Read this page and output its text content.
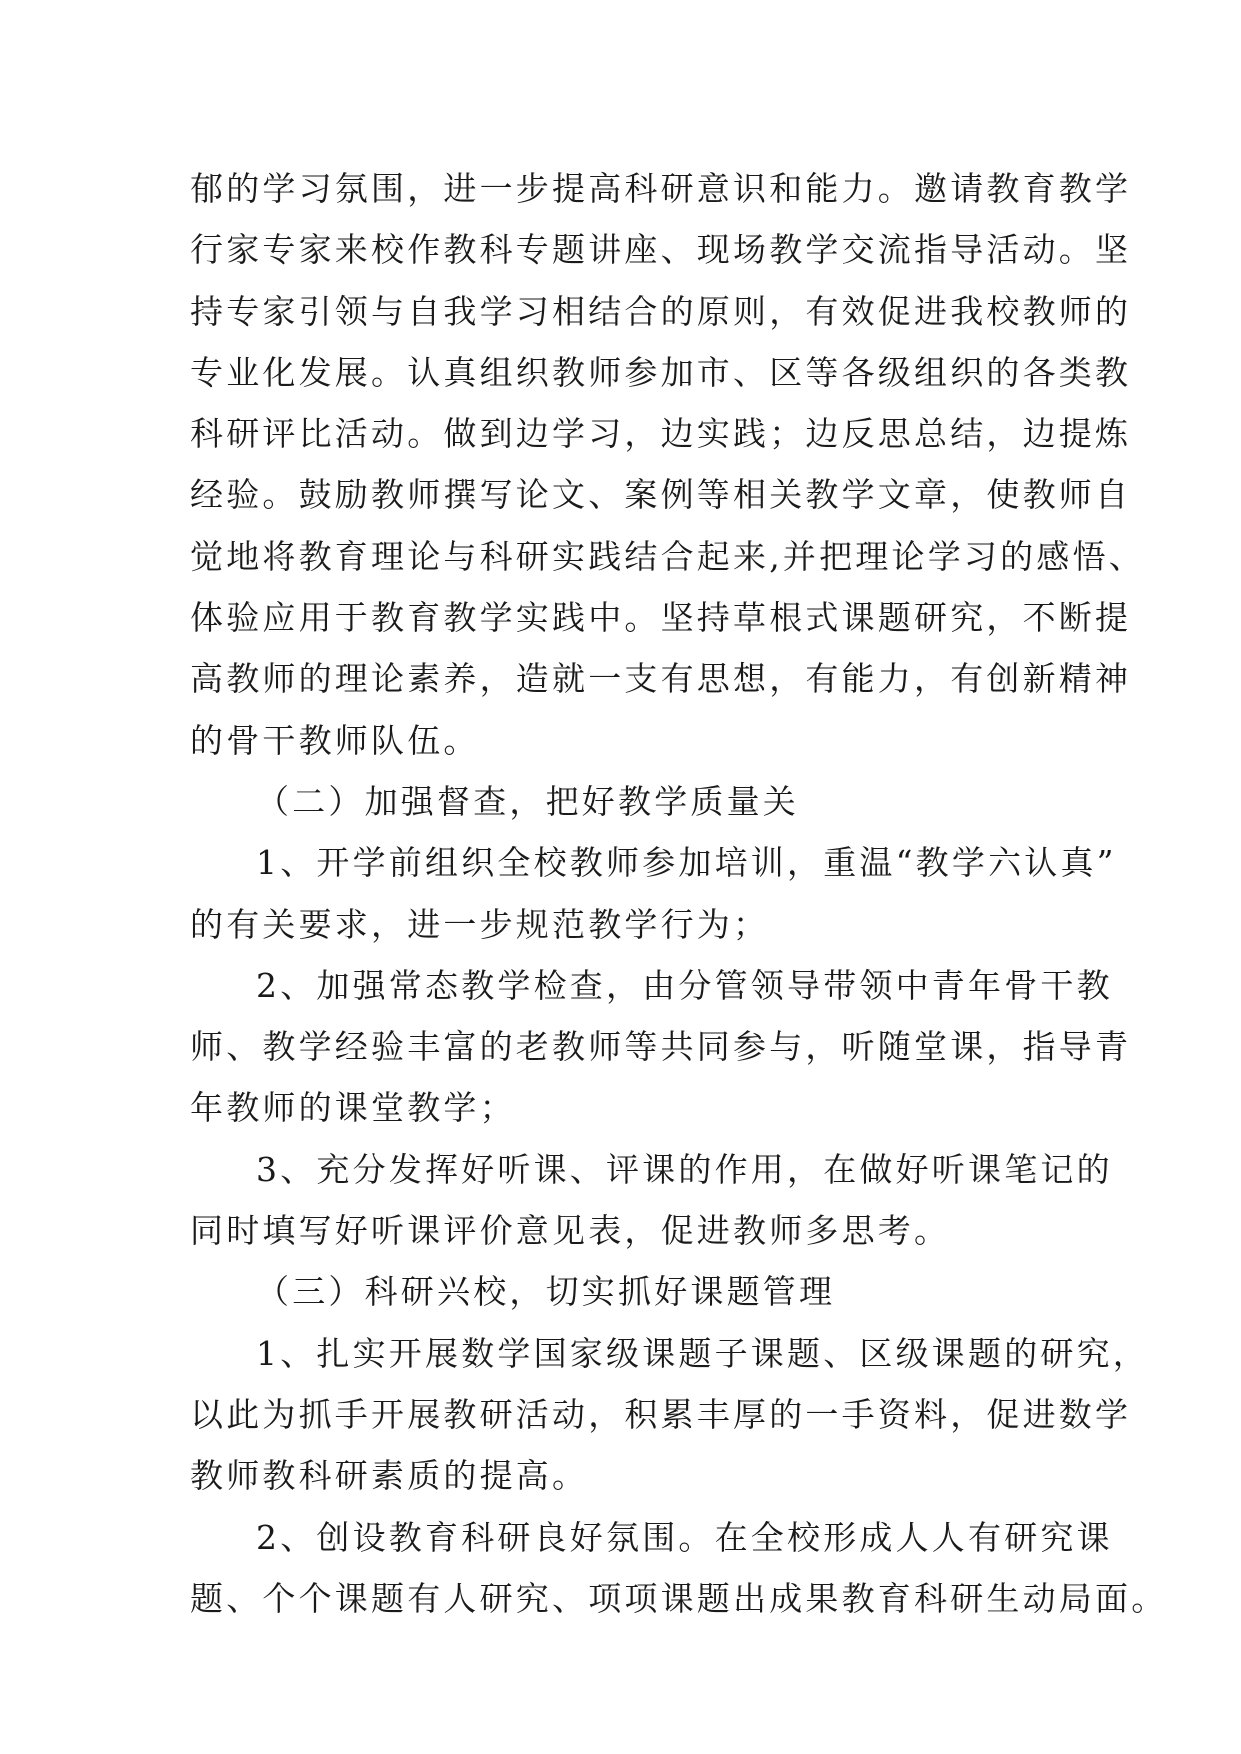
郁的学习氛围，进一步提高科研意识和能力。邀请教育教学
行家专家来校作教科专题讲座、现场教学交流指导活动。坚
持专家引领与自我学习相结合的原则，有效促进我校教师的
专业化发展。认真组织教师参加市、区等各级组织的各类教
科研评比活动。做到边学习，边实践；边反思总结，边提炼
经验。鼓励教师撰写论文、案例等相关教学文章，使教师自
觉地将教育理论与科研实践结合起来,并把理论学习的感悟、
体验应用于教育教学实践中。坚持草根式课题研究，不断提
高教师的理论素养，造就一支有思想，有能力，有创新精神
的骨干教师队伍。
（二）加强督查，把好教学质量关
1、开学前组织全校教师参加培训，重温“教学六认真”
的有关要求，进一步规范教学行为；
2、加强常态教学检查，由分管领导带领中青年骨干教
师、教学经验丰富的老教师等共同参与，听随堂课，指导青
年教师的课堂教学；
3、充分发挥好听课、评课的作用，在做好听课笔记的
同时填写好听课评价意见表，促进教师多思考。
（三）科研兴校，切实抓好课题管理
1、扎实开展数学国家级课题子课题、区级课题的研究，
以此为抓手开展教研活动，积累丰厚的一手资料，促进数学
教师教科研素质的提高。
2、创设教育科研良好氛围。在全校形成人人有研究课
题、个个课题有人研究、项项课题出成果教育科研生动局面。
